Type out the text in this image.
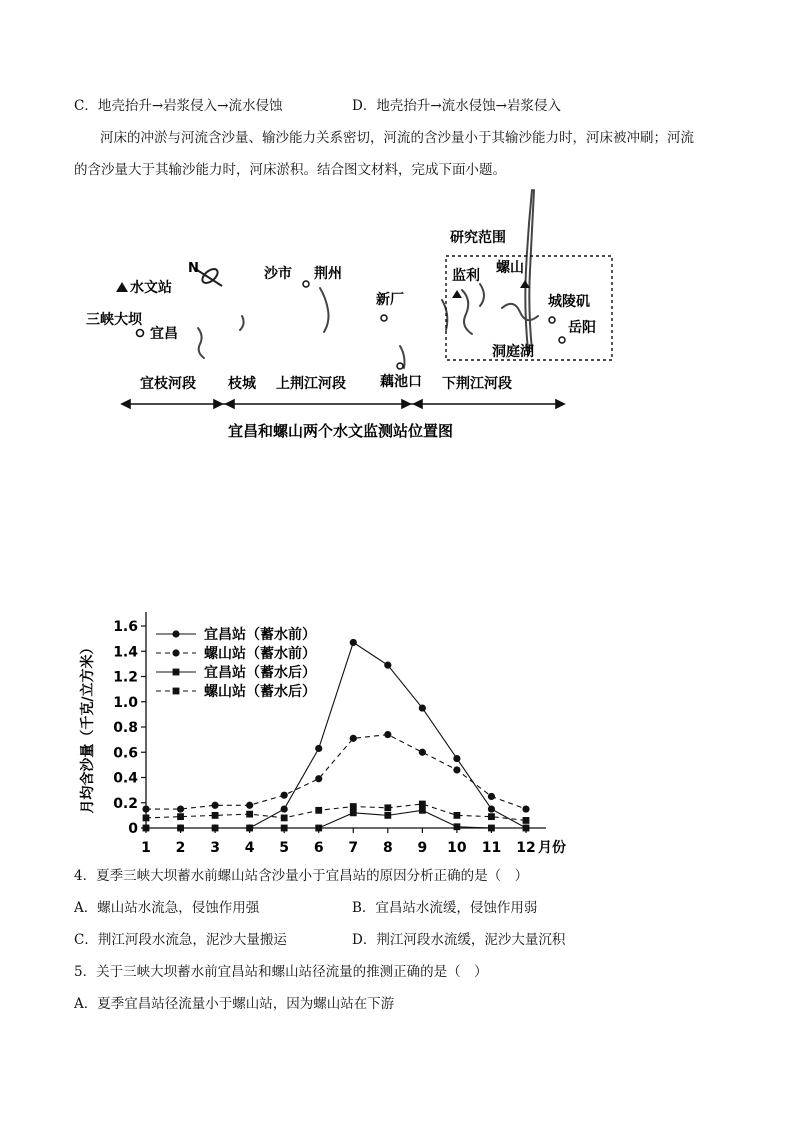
C．地壳抬升→岩浆侵入→流水侵蚀	D．地壳抬升→流水侵蚀→岩浆侵入
河床的冲淤与河流含沙量、输沙能力关系密切，河流的含沙量小于其输沙能力时，河床被冲刷；河流
的含沙量大于其输沙能力时，河床淤积。结合图文材料，完成下面小题。
N
水文站
三峡大坝
宜昌
沙市 荆州
新厂
藕池口
研究范围
监利 螺山
城陵矶
岳阳
洞庭湖
宜枝河段 枝城 上荆江河段	下荆江河段
宜昌和螺山两个水文监测站位置图
0
0.2
0.4
0.6
0.8
1.0
1.2
1.4
1.6
1 2 3 4 5 6 7 8 9 10 11 12 月份
月均含沙量（千克/立方米）
宜昌站（蓄水前）
螺山站（蓄水前）
宜昌站（蓄水后）
螺山站（蓄水后）
4．夏季三峡大坝蓄水前螺山站含沙量小于宜昌站的原因分析正确的是（　）
A．螺山站水流急，侵蚀作用强	B．宜昌站水流缓，侵蚀作用弱
C．荆江河段水流急，泥沙大量搬运	D．荆江河段水流缓，泥沙大量沉积
5．关于三峡大坝蓄水前宜昌站和螺山站径流量的推测正确的是（　）
A．夏季宜昌站径流量小于螺山站，因为螺山站在下游
